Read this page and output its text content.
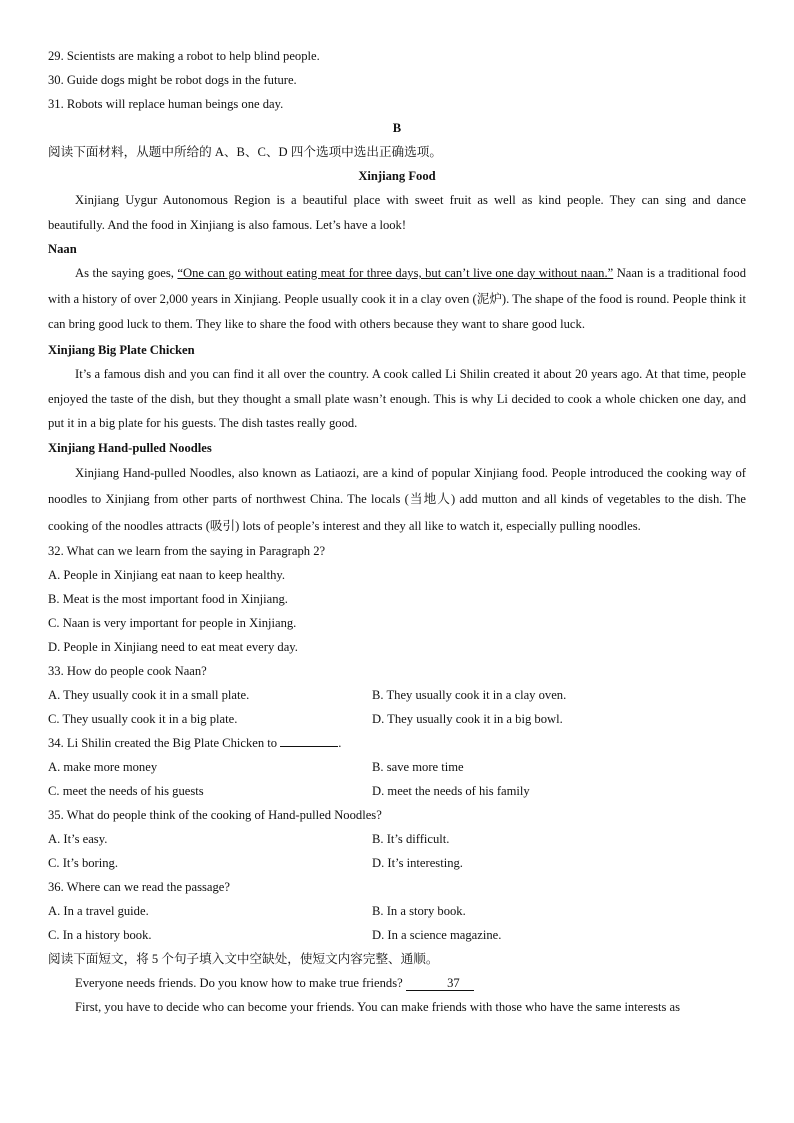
29. Scientists are making a robot to help blind people.
30. Guide dogs might be robot dogs in the future.
31. Robots will replace human beings one day.
B
阅读下面材料，从题中所给的 A、B、C、D 四个选项中选出正确选项。
Xinjiang Food
Xinjiang Uygur Autonomous Region is a beautiful place with sweet fruit as well as kind people. They can sing and dance beautifully. And the food in Xinjiang is also famous. Let’s have a look!
Naan
As the saying goes, “One can go without eating meat for three days, but can’t live one day without naan.” Naan is a traditional food with a history of over 2,000 years in Xinjiang. People usually cook it in a clay oven (泥炉). The shape of the food is round. People think it can bring good luck to them. They like to share the food with others because they want to share good luck.
Xinjiang Big Plate Chicken
It’s a famous dish and you can find it all over the country. A cook called Li Shilin created it about 20 years ago. At that time, people enjoyed the taste of the dish, but they thought a small plate wasn’t enough. This is why Li decided to cook a whole chicken one day, and put it in a big plate for his guests. The dish tastes really good.
Xinjiang Hand-pulled Noodles
Xinjiang Hand-pulled Noodles, also known as Latiaozi, are a kind of popular Xinjiang food. People introduced the cooking way of noodles to Xinjiang from other parts of northwest China. The locals (当地人) add mutton and all kinds of vegetables to the dish. The cooking of the noodles attracts (吸引) lots of people’s interest and they all like to watch it, especially pulling noodles.
32. What can we learn from the saying in Paragraph 2?
A. People in Xinjiang eat naan to keep healthy.
B. Meat is the most important food in Xinjiang.
C. Naan is very important for people in Xinjiang.
D. People in Xinjiang need to eat meat every day.
33. How do people cook Naan?
A. They usually cook it in a small plate.	B. They usually cook it in a clay oven.
C. They usually cook it in a big plate.	D. They usually cook it in a big bowl.
34. Li Shilin created the Big Plate Chicken to	.
A. make more money	B. save more time
C. meet the needs of his guests	D. meet the needs of his family
35. What do people think of the cooking of Hand-pulled Noodles?
A. It’s easy.	B. It’s difficult.
C. It’s boring.	D. It’s interesting.
36. Where can we read the passage?
A. In a travel guide.	B. In a story book.
C. In a history book.	D. In a science magazine.
阅读下面短文，将 5 个句子填入文中空缺处，使短文内容完整、通顺。
Everyone needs friends. Do you know how to make true friends?	37
First, you have to decide who can become your friends. You can make friends with those who have the same interests as
